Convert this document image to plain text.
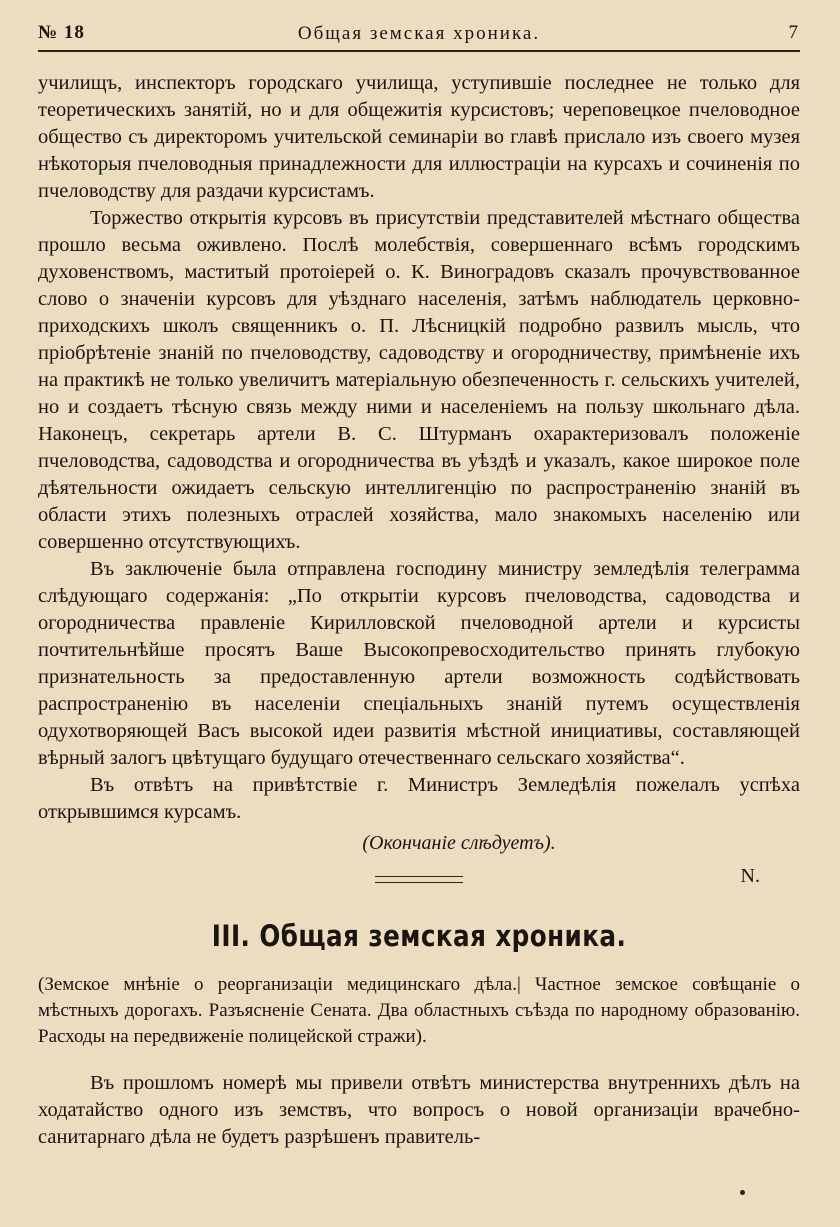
№ 18	Общая земская хроника.	7

училищъ, инспекторъ городскаго училища, уступившіе последнее не только для теоретическихъ занятій, но и для общежитія курсистовъ; череповецкое пчеловодное общество съ директоромъ учительской семинаріи во главѣ прислало изъ своего музея нѣкоторыя пчеловодныя принадлежности для иллюстраціи на курсахъ и сочиненія по пчеловодству для раздачи курсистамъ.

Торжество открытія курсовъ въ присутствіи представителей мѣстнаго общества прошло весьма оживлено. Послѣ молебствія, совершеннаго всѣмъ городскимъ духовенствомъ, маститый протоіерей о. К. Виноградовъ сказалъ прочувствованное слово о значеніи курсовъ для уѣзднаго населенія, затѣмъ наблюдатель церковно-приходскихъ школъ священникъ о. П. Лѣсницкій подробно развилъ мысль, что пріобрѣтеніе знаній по пчеловодству, садоводству и огородничеству, примѣненіе ихъ на практикѣ не только увеличитъ матеріальную обезпеченность г. сельскихъ учителей, но и создаетъ тѣсную связь между ними и населеніемъ на пользу школьнаго дѣла. Наконецъ, секретарь артели В. С. Штурманъ охарактеризовалъ положеніе пчеловодства, садоводства и огородничества въ уѣздѣ и указалъ, какое широкое поле дѣятельности ожидаетъ сельскую интеллигенцію по распространенію знаній въ области этихъ полезныхъ отраслей хозяйства, мало знакомыхъ населенію или совершенно отсутствующихъ.

Въ заключеніе была отправлена господину министру земледѣлія телеграмма слѣдующаго содержанія: „По открытіи курсовъ пчеловодства, садоводства и огородничества правленіе Кирилловской пчеловодной артели и курсисты почтительнѣйше просятъ Ваше Высокопревосходительство принять глубокую признательность за предоставленную артели возможность содѣйствовать распространенію въ населеніи спеціальныхъ знаній путемъ осуществленія одухотворяющей Васъ высокой идеи развитія мѣстной инициативы, составляющей вѣрный залогъ цвѣтущаго будущаго отечественнаго сельскаго хозяйства“.

Въ отвѣтъ на привѣтствіе г. Министръ Земледѣлія пожелалъ успѣха открывшимся курсамъ.

(Окончаніе слѣдуетъ).
N.
III. Общая земская хроника.
(Земское мнѣніе о реорганизаціи медицинскаго дѣла.| Частное земское совѣщаніе о мѣстныхъ дорогахъ. Разъясненіе Сената. Два областныхъ съѣзда по народному образованію. Расходы на передвиженіе полицейской стражи).

Въ прошломъ номерѣ мы привели отвѣтъ министерства внутреннихъ дѣлъ на ходатайство одного изъ земствъ, что вопросъ о новой организаціи врачебно-санитарнаго дѣла не будетъ разрѣшенъ правитель-
